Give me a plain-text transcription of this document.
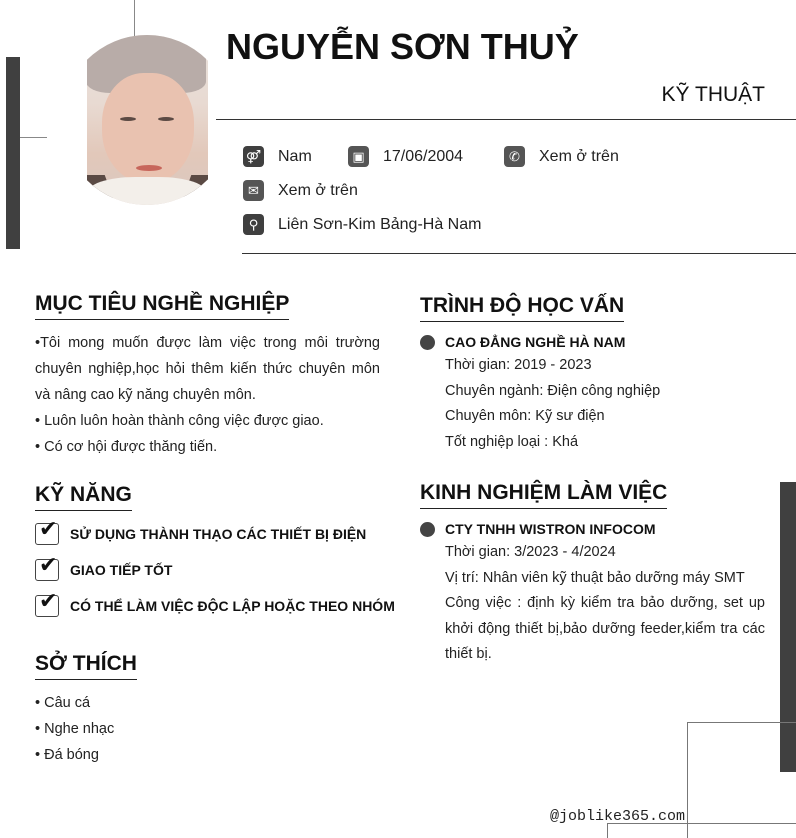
NGUYỄN SƠN THUỶ
KỸ THUẬT
⚤ Nam	▣ 17/06/2004	✆	Xem ở trên
✉	Xem ở trên
⚲	Liên Sơn-Kim Bảng-Hà Nam
MỤC TIÊU NGHỀ NGHIỆP

•Tôi mong muốn được làm việc trong môi trường chuyên nghiệp,học hỏi thêm kiến thức chuyên môn và nâng cao kỹ năng chuyên môn.

• Luôn luôn hoàn thành công việc được giao.

• Có cơ hội được thăng tiến.

KỸ NĂNG
✔ SỬ DỤNG THÀNH THẠO CÁC THIẾT BỊ ĐIỆN
✔ GIAO TIẾP TỐT
✔ CÓ THỂ LÀM VIỆC ĐỘC LẬP HOẶC THEO NHÓM
SỞ THÍCH

• Câu cá

• Nghe nhạc

• Đá bóng

TRÌNH ĐỘ HỌC VẤN
CAO ĐẲNG NGHỀ HÀ NAM
Thời gian: 2019 - 2023
Chuyên ngành: Điện công nghiệp
Chuyên môn: Kỹ sư điện
Tốt nghiệp loại : Khá
KINH NGHIỆM LÀM VIỆC
CTY TNHH WISTRON INFOCOM
Thời gian: 3/2023 - 4/2024
Vị trí: Nhân viên kỹ thuật bảo dưỡng máy SMT
Công việc : định kỳ kiểm tra bảo dưỡng, set up khởi động thiết bị,bảo dưỡng feeder,kiểm tra các thiết bị.
@joblike365.com
